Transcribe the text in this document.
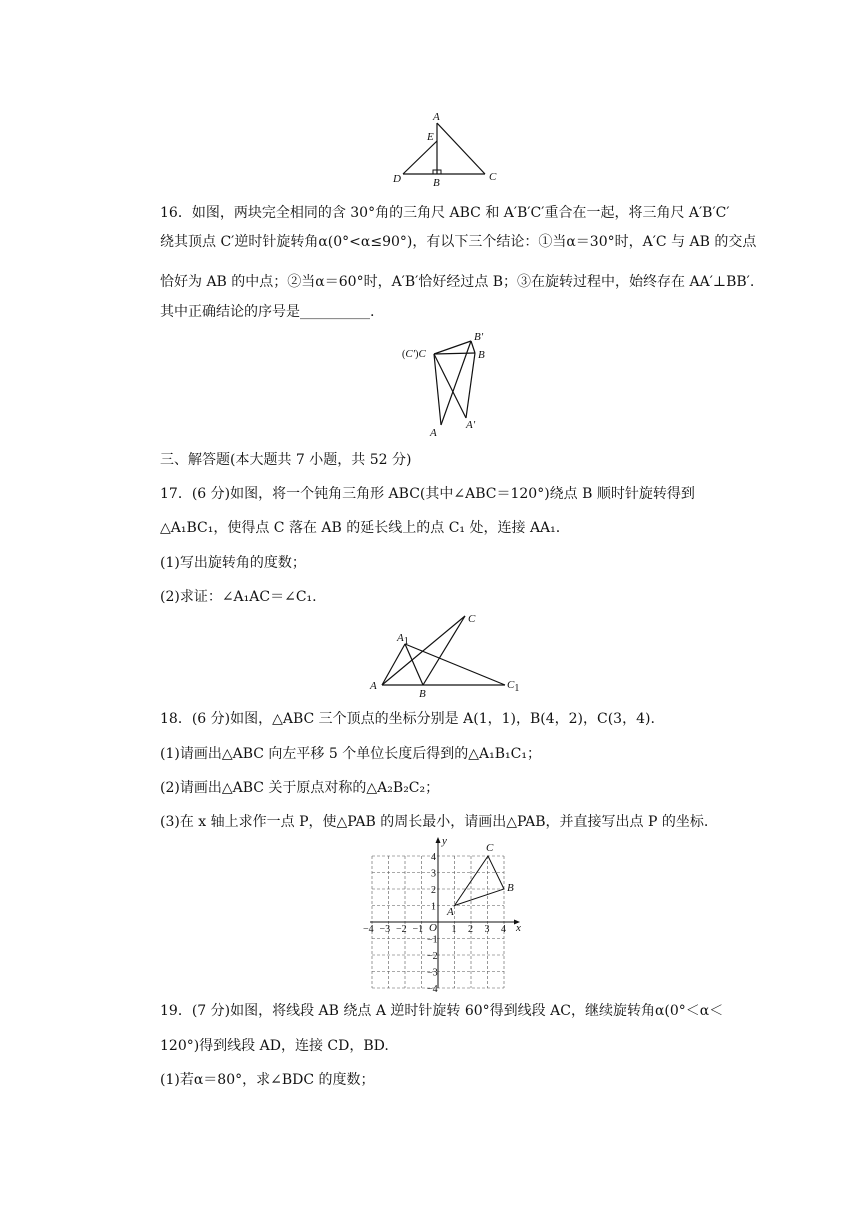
A
E
D	B	C
16．如图，两块完全相同的含 30°角的三角尺 ABC 和 A′B′C′重合在一起，将三角尺 A′B′C′
绕其顶点 C′逆时针旋转角α(0°<α≤90°)，有以下三个结论：①当α＝30°时，A′C 与 AB 的交点
恰好为 AB 的中点；②当α＝60°时，A′B′恰好经过点 B；③在旋转过程中，始终存在 AA′⊥BB′.
其中正确结论的序号是__________.
(C′)C
B′
B
A
A′
三、解答题(本大题共 7 小题，共 52 分)
17．(6 分)如图，将一个钝角三角形 ABC(其中∠ABC＝120°)绕点 B 顺时针旋转得到
△A₁BC₁，使得点 C 落在 AB 的延长线上的点 C₁ 处，连接 AA₁.
(1)写出旋转角的度数；
(2)求证：∠A₁AC＝∠C₁.
C
A1
A
B
C1
18．(6 分)如图，△ABC 三个顶点的坐标分别是 A(1，1)，B(4，2)，C(3，4).
(1)请画出△ABC 向左平移 5 个单位长度后得到的△A₁B₁C₁；
(2)请画出△ABC 关于原点对称的△A₂B₂C₂；
(3)在 x 轴上求作一点 P，使△PAB 的周长最小，请画出△PAB，并直接写出点 P 的坐标.
−4
−4
−3
−3
−2
−2
−1
−1
1
1
2
2
3
3
4
4
y
x
O
A
B
C
19．(7 分)如图，将线段 AB 绕点 A 逆时针旋转 60°得到线段 AC，继续旋转角α(0°＜α＜
120°)得到线段 AD，连接 CD，BD.
(1)若α＝80°，求∠BDC 的度数；
